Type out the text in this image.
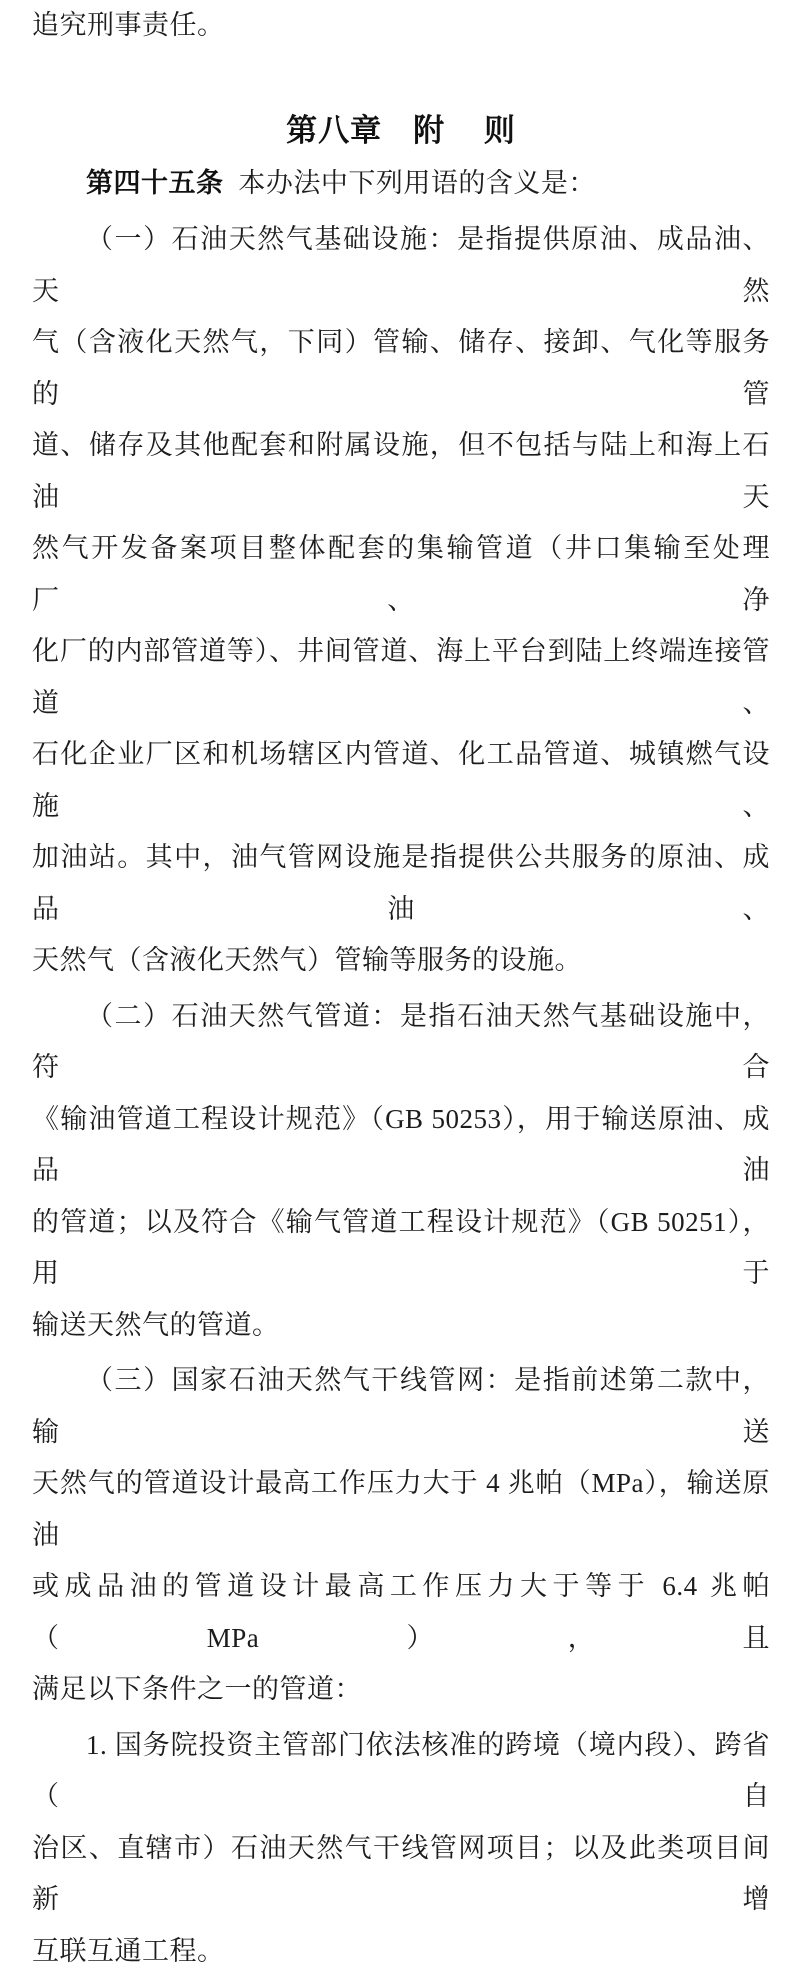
追究刑事责任。
第八章 附 则
第四十五条 本办法中下列用语的含义是：
（一）石油天然气基础设施：是指提供原油、成品油、天然
气（含液化天然气，下同）管输、储存、接卸、气化等服务的管
道、储存及其他配套和附属设施，但不包括与陆上和海上石油天
然气开发备案项目整体配套的集输管道（井口集输至处理厂、净
化厂的内部管道等）、井间管道、海上平台到陆上终端连接管道、
石化企业厂区和机场辖区内管道、化工品管道、城镇燃气设施、
加油站。其中，油气管网设施是指提供公共服务的原油、成品油、
天然气（含液化天然气）管输等服务的设施。
（二）石油天然气管道：是指石油天然气基础设施中，符合
《输油管道工程设计规范》（GB 50253），用于输送原油、成品油
的管道；以及符合《输气管道工程设计规范》（GB 50251），用于
输送天然气的管道。
（三）国家石油天然气干线管网：是指前述第二款中，输送
天然气的管道设计最高工作压力大于 4 兆帕（MPa），输送原油
或成品油的管道设计最高工作压力大于等于 6.4 兆帕（MPa），且
满足以下条件之一的管道：
1. 国务院投资主管部门依法核准的跨境（境内段）、跨省（自
治区、直辖市）石油天然气干线管网项目；以及此类项目间新增
互联互通工程。
